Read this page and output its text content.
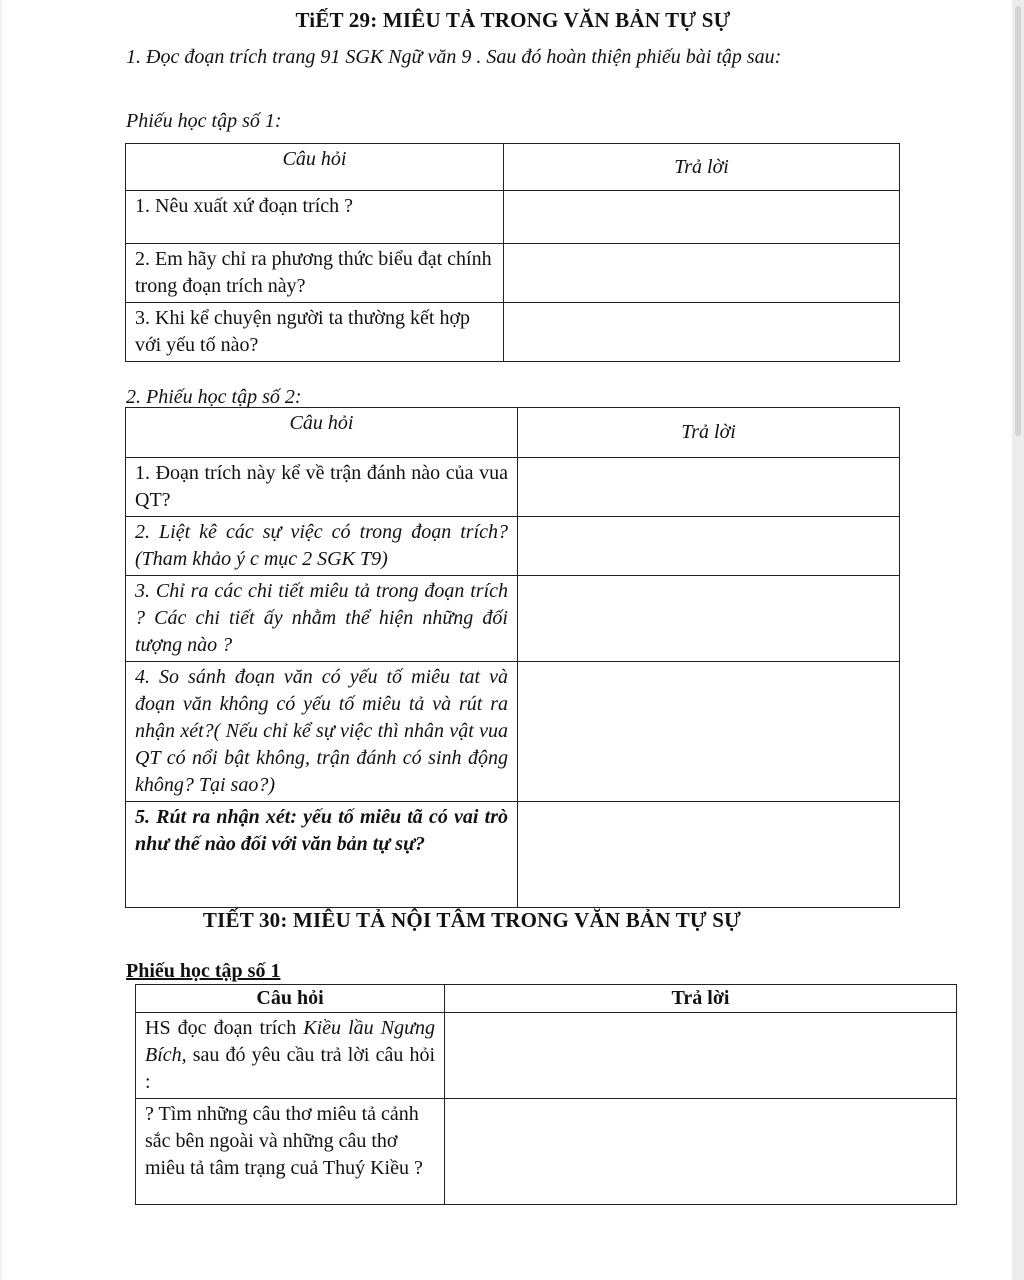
TiẾT 29: MIÊU TẢ TRONG VĂN BẢN TỰ SỰ
1. Đọc đoạn trích trang 91 SGK Ngữ văn 9 . Sau đó hoàn thiện phiếu bài tập sau:
Phiếu học tập số 1:
Câu hỏi	Trả lời
1. Nêu xuất xứ đoạn trích ?	
2. Em hãy chỉ ra phương thức biểu đạt chính trong đoạn trích này?	
3. Khi kể chuyện người ta thường kết hợp với yếu tố nào?	
2. Phiếu học tập số 2:
Câu hỏi	Trả lời
1. Đoạn trích này kể về trận đánh nào của vua QT?	
2. Liệt kê các sự việc có trong đoạn trích?(Tham khảo ý c mục 2 SGK T9)	
3. Chỉ ra các chi tiết miêu tả trong đoạn trích ? Các chi tiết ấy nhằm thể hiện những đối tượng nào ?	
4. So sánh đoạn văn có yếu tố miêu tat và đoạn văn không có yếu tố miêu tả và rút ra nhận xét?( Nếu chỉ kể sự việc thì nhân vật vua QT có nổi bật không, trận đánh có sinh động không? Tại sao?)	
5. Rút ra nhận xét: yếu tố miêu tã có vai trò như thế nào đối với văn bản tự sự?	
TIẾT 30: MIÊU TẢ NỘI TÂM TRONG VĂN BẢN TỰ SỰ
Phiếu học tập số 1
Câu hỏi	Trả lời
HS đọc đoạn trích Kiều lầu Ngưng Bích, sau đó yêu cầu trả lời câu hỏi :	
? Tìm những câu thơ miêu tả cảnh sắc bên ngoài và những câu thơ miêu tả tâm trạng cuả Thuý Kiều ?	
